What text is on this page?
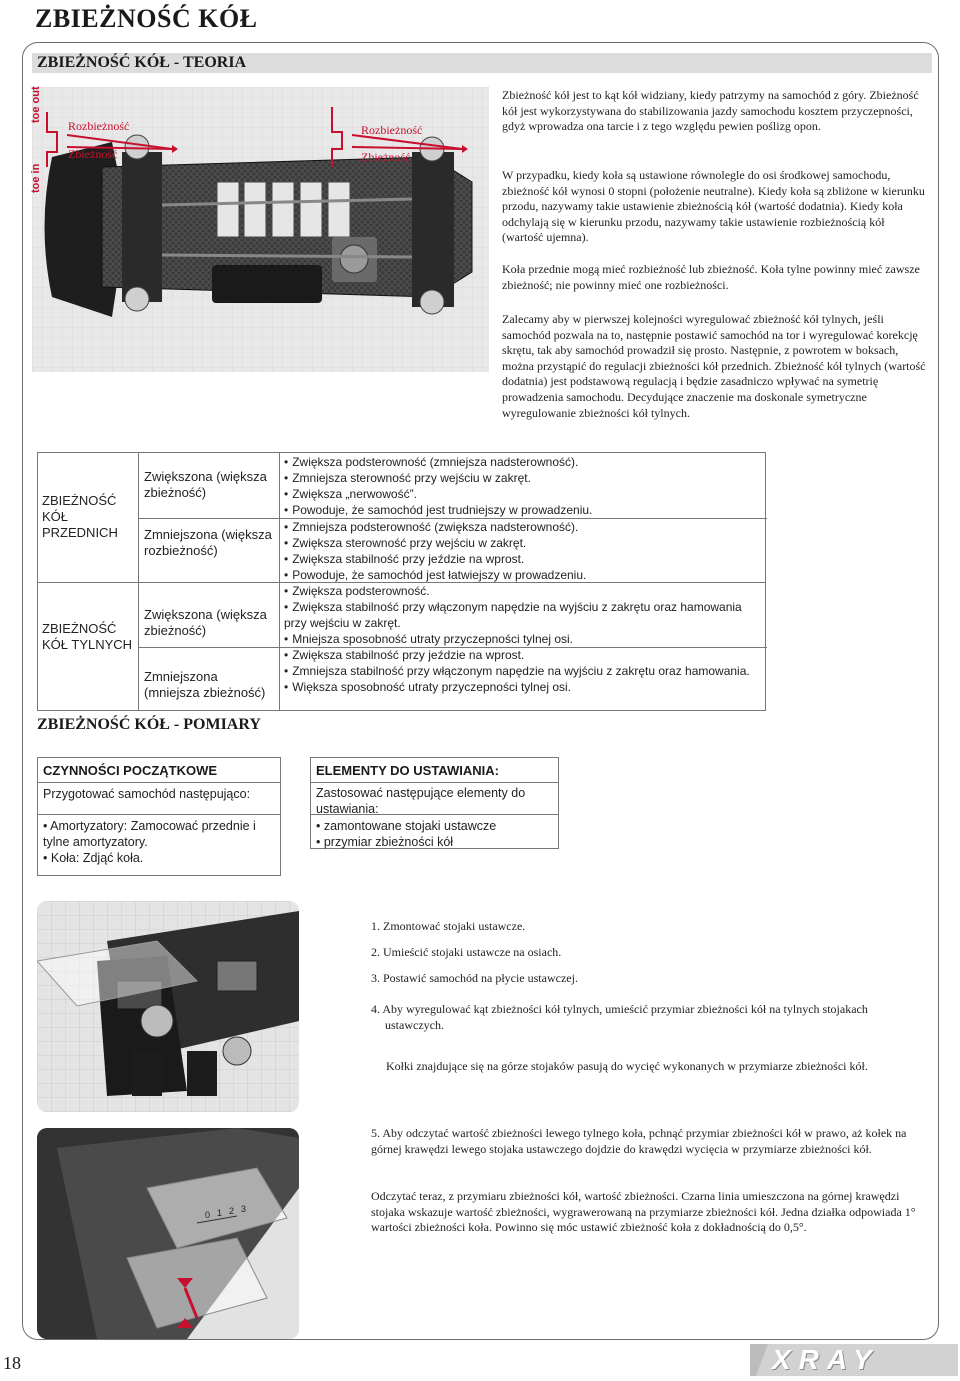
ZBIEŻNOŚĆ KÓŁ
ZBIEŻNOŚĆ KÓŁ - TEORIA
Rozbieżność
Zbieżność
Rozbieżność
Zbieżność
toe out
toe in
Zbieżność kół jest to kąt kół widziany, kiedy patrzymy na samochód z góry. Zbieżność kół jest wykorzystywana do stabilizowania jazdy samochodu kosztem przyczepności, gdyż wprowadza ona tarcie i z tego względu pewien poślizg opon.
W przypadku, kiedy koła są ustawione równolegle do osi środkowej samochodu, zbieżność kół wynosi 0 stopni (położenie neutralne). Kiedy koła są zbliżone w kierunku przodu, nazywamy takie ustawienie zbieżnością kół (wartość dodatnia). Kiedy koła odchylają się w kierunku przodu, nazywamy takie ustawienie rozbieżnością kół (wartość ujemna).
Koła przednie mogą mieć rozbieżność lub zbieżność. Koła tylne powinny mieć zawsze zbieżność; nie powinny mieć one rozbieżności.
Zalecamy aby w pierwszej kolejności wyregulować zbieżność kół tylnych, jeśli samochód pozwala na to, następnie postawić samochód na tor i wyregulować korekcję skrętu, tak aby samochód prowadził się prosto. Następnie, z powrotem w boksach, można przystąpić do regulacji zbieżności kół przednich. Zbieżność kół tylnych (wartość dodatnia) jest podstawową regulacją i będzie zasadniczo wpływać na symetrię prowadzenia samochodu. Decydujące znaczenie ma doskonale symetryczne wyregulowanie zbieżności kół tylnych.
ZBIEŻNOŚĆ KÓŁ PRZEDNICH
ZBIEŻNOŚĆ KÓŁ TYLNYCH
Zwiększona (większa zbieżność)
Zmniejszona (większa rozbieżność)
Zwiększona (większa zbieżność)
Zmniejszona (mniejsza zbieżność)
• Zwiększa podsterowność (zmniejsza nadsterowność).
• Zmniejsza sterowność przy wejściu w zakręt.
• Zwiększa „nerwowość”.
• Powoduje, że samochód jest trudniejszy w prowadzeniu.
• Zmniejsza podsterowność (zwiększa nadsterowność).
• Zwiększa sterowność przy wejściu w zakręt.
• Zwiększa stabilność przy jeździe na wprost.
• Powoduje, że samochód jest łatwiejszy w prowadzeniu.
• Zwiększa podsterowność.
• Zwiększa stabilność przy włączonym napędzie na wyjściu z zakrętu oraz hamowania przy wejściu w zakręt.
• Mniejsza sposobność utraty przyczepności tylnej osi.
• Zwiększa stabilność przy jeździe na wprost.
• Zmniejsza stabilność przy włączonym napędzie na wyjściu z zakrętu oraz hamowania.
• Większa sposobność utraty przyczepności tylnej osi.
ZBIEŻNOŚĆ KÓŁ - POMIARY
CZYNNOŚCI POCZĄTKOWE
Przygotować samochód następująco:
• Amortyzatory: Zamocować przednie i tylne amortyzatory.
• Koła: Zdjąć koła.
ELEMENTY DO USTAWIANIA:
Zastosować następujące elementy do ustawiania:
• zamontowane stojaki ustawcze
• przymiar zbieżności kół
0 1 2 3
1. Zmontować stojaki ustawcze.
2. Umieścić stojaki ustawcze na osiach.
3. Postawić samochód na płycie ustawczej.
4. Aby wyregulować kąt zbieżności kół tylnych, umieścić przymiar zbieżności kół na tylnych stojakach ustawczych.
Kołki znajdujące się na górze stojaków pasują do wycięć wykonanych w przymiarze zbieżności kół.
5. Aby odczytać wartość zbieżności lewego tylnego koła, pchnąć przymiar zbieżności kół w prawo, aż kołek na górnej krawędzi lewego stojaka ustawczego dojdzie do krawędzi wycięcia w przymiarze zbieżności kół.
Odczytać teraz, z przymiaru zbieżności kół, wartość zbieżności. Czarna linia umieszczona na górnej krawędzi stojaka wskazuje wartość zbieżności, wygrawerowaną na przymiarze zbieżności kół. Jedna działka odpowiada 1° wartości zbieżności koła. Powinno się móc ustawić zbieżność koła z dokładnością do 0,5°.
18	XRAY
